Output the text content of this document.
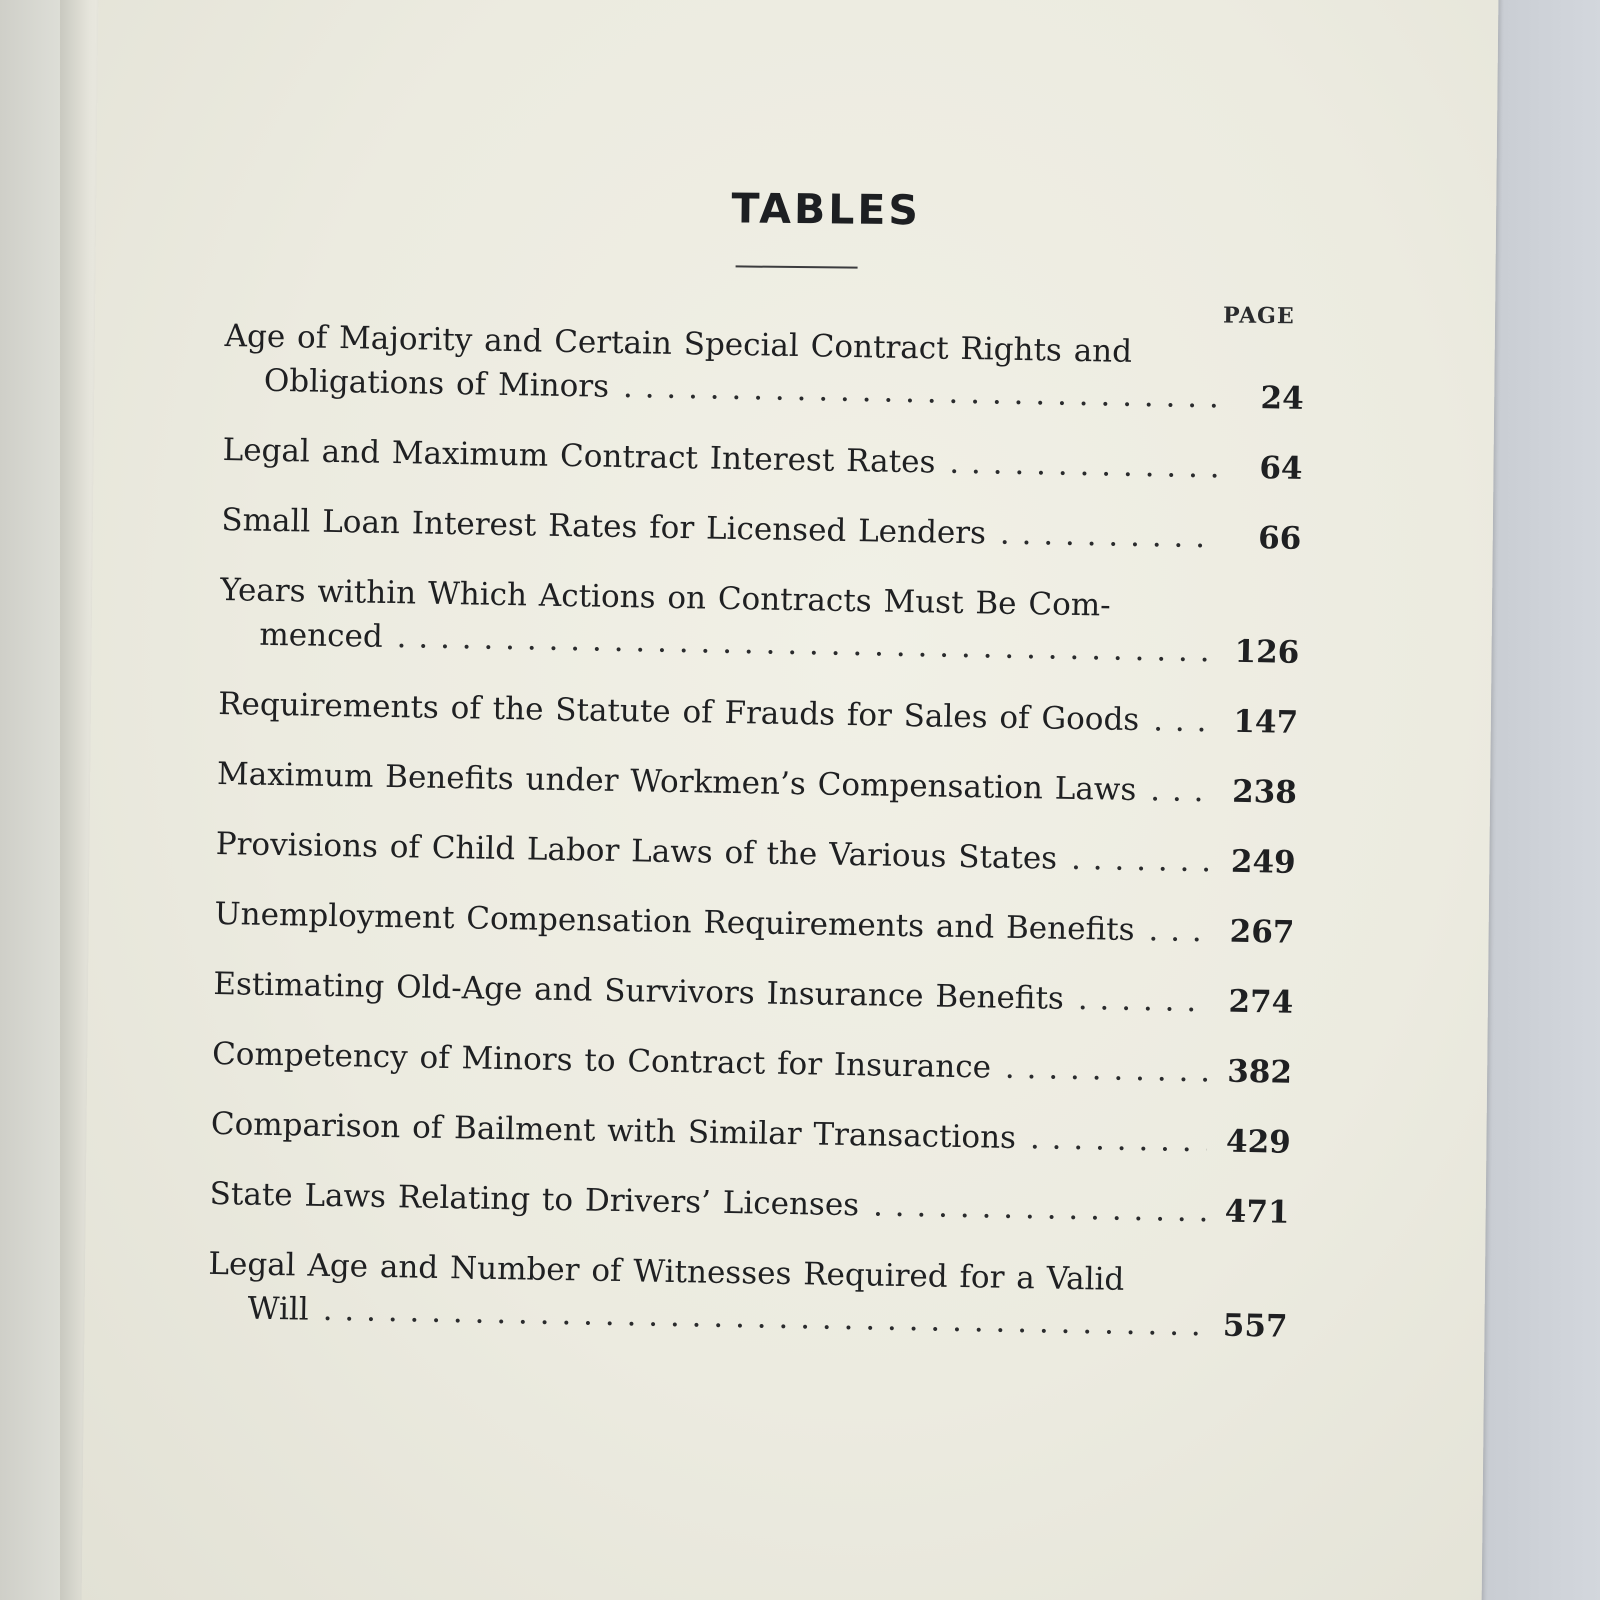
TABLES
PAGE
Age of Majority and Certain Special Contract Rights and
Obligations of Minors . . .	24
Legal and Maximum Contract Interest Rates . . .	64
Small Loan Interest Rates for Licensed Lenders . . .	66
Years within Which Actions on Contracts Must Be Com-
menced . . .	126
Requirements of the Statute of Frauds for Sales of Goods . . .	147
Maximum Benefits under Workmen’s Compensation Laws . . .	238
Provisions of Child Labor Laws of the Various States . . .	249
Unemployment Compensation Requirements and Benefits . . .	267
Estimating Old-Age and Survivors Insurance Benefits . . .	274
Competency of Minors to Contract for Insurance . . .	382
Comparison of Bailment with Similar Transactions . . .	429
State Laws Relating to Drivers’ Licenses . . .	471
Legal Age and Number of Witnesses Required for a Valid
Will . . .	557
